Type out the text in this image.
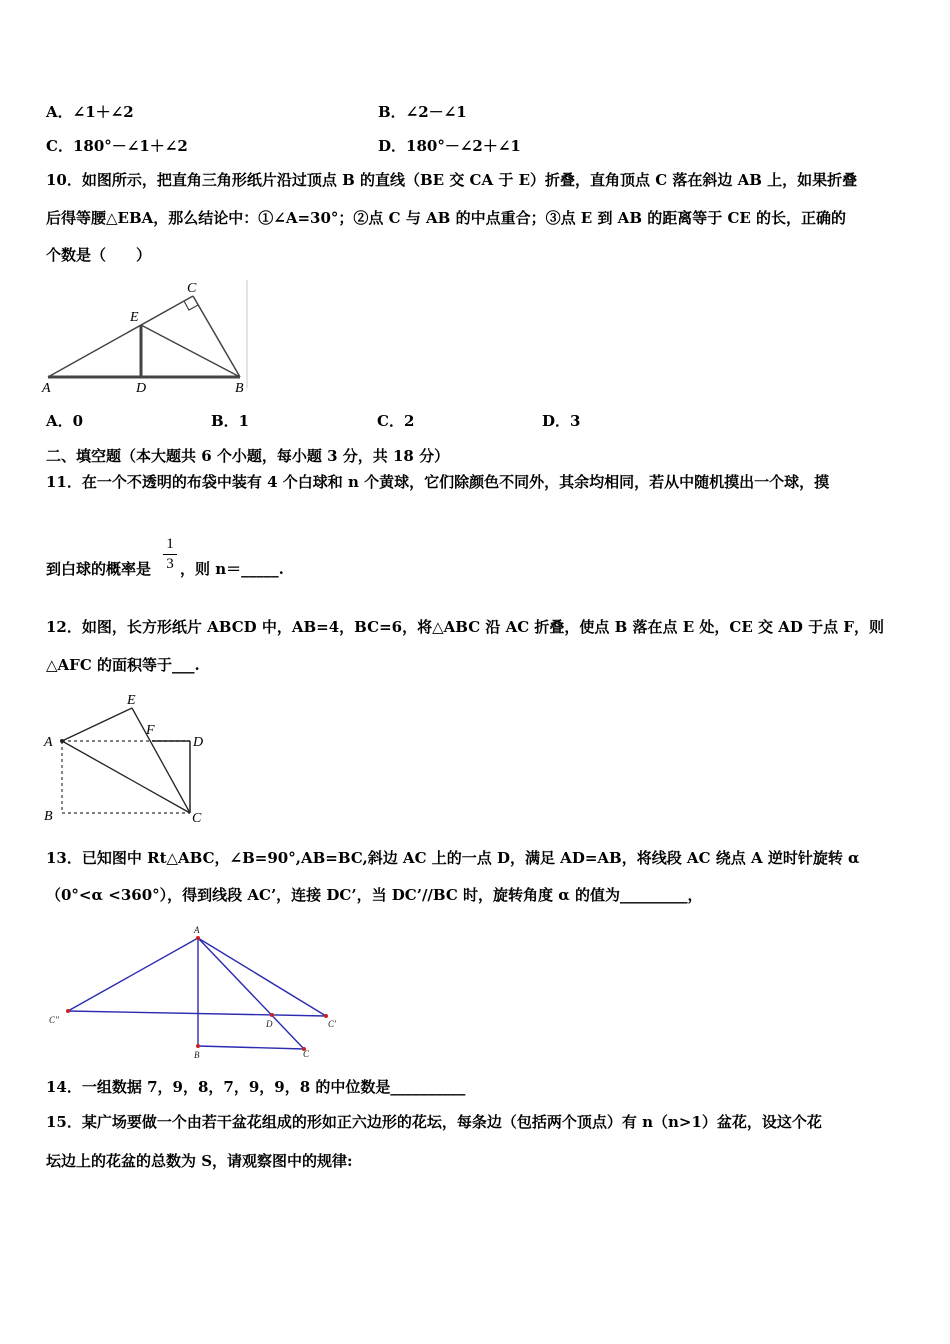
A．∠1＋∠2	B．∠2－∠1
C．180°－∠1＋∠2	D．180°－∠2＋∠1
10．如图所示，把直角三角形纸片沿过顶点 B 的直线（BE 交 CA 于 E）折叠，直角顶点 C 落在斜边 AB 上，如果折叠
后得等腰△EBA，那么结论中：①∠A=30°；②点 C 与 AB 的中点重合；③点 E 到 AB 的距离等于 CE 的长，正确的
个数是（　　）
A	D	B
C
E
A．0	B．1	C．2	D．3
二、填空题（本大题共 6 个小题，每小题 3 分，共 18 分）
11．在一个不透明的布袋中装有 4 个白球和 n 个黄球，它们除颜色不同外，其余均相同，若从中随机摸出一个球，摸
1
3
到白球的概率是 ，则 n＝_____.
12．如图，长方形纸片 ABCD 中，AB=4，BC=6，将△ABC 沿 AC 折叠，使点 B 落在点 E 处，CE 交 AD 于点 F，则
△AFC 的面积等于___.
A
B	C
D
E
F
13．已知图中 Rt△ABC，∠B=90°,AB=BC,斜边 AC 上的一点 D，满足 AD=AB，将线段 AC 绕点 A 逆时针旋转 α
（0°<α <360°），得到线段 AC’，连接 DC’，当 DC’//BC 时，旋转角度 α 的值为_________，
A
B	C
D	C'
C''
14．一组数据 7，9，8，7，9，9，8 的中位数是__________
15．某广场要做一个由若干盆花组成的形如正六边形的花坛，每条边（包括两个顶点）有 n（n>1）盆花，设这个花
坛边上的花盆的总数为 S，请观察图中的规律:
